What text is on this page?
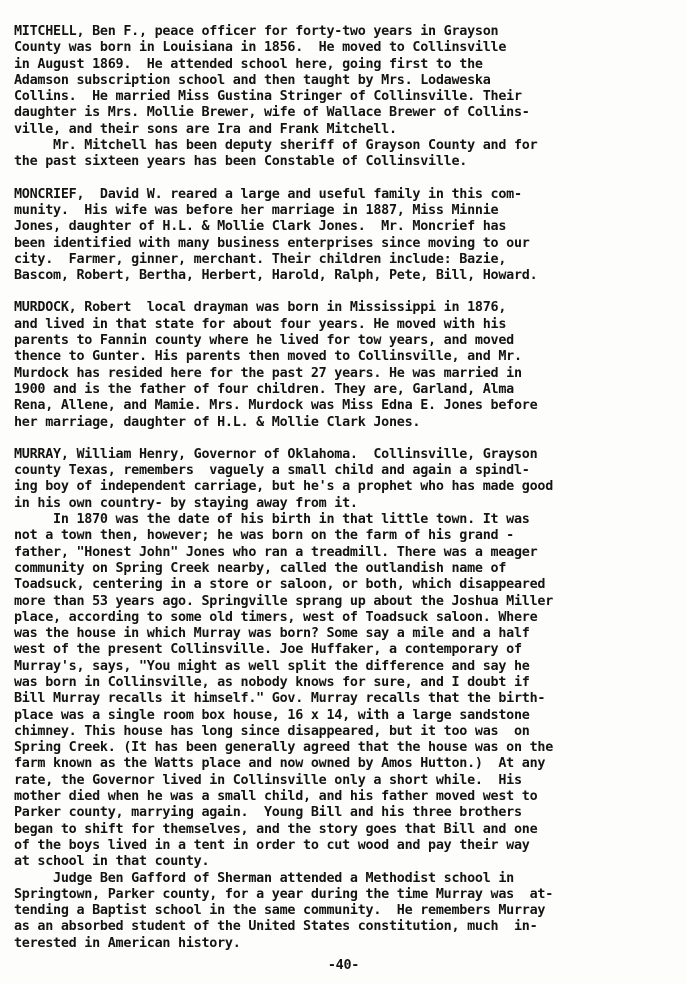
MITCHELL, Ben F., peace officer for forty-two years in Grayson
County was born in Louisiana in 1856.  He moved to Collinsville
in August 1869.  He attended school here, going first to the
Adamson subscription school and then taught by Mrs. Lodaweska
Collins.  He married Miss Gustina Stringer of Collinsville. Their
daughter is Mrs. Mollie Brewer, wife of Wallace Brewer of Collins-
ville, and their sons are Ira and Frank Mitchell.
Mr. Mitchell has been deputy sheriff of Grayson County and for
the past sixteen years has been Constable of Collinsville.
MONCRIEF,  David W. reared a large and useful family in this com-
munity.  His wife was before her marriage in 1887, Miss Minnie
Jones, daughter of H.L. & Mollie Clark Jones.  Mr. Moncrief has
been identified with many business enterprises since moving to our
city.  Farmer, ginner, merchant. Their children include: Bazie,
Bascom, Robert, Bertha, Herbert, Harold, Ralph, Pete, Bill, Howard.
MURDOCK, Robert  local drayman was born in Mississippi in 1876,
and lived in that state for about four years. He moved with his
parents to Fannin county where he lived for tow years, and moved
thence to Gunter. His parents then moved to Collinsville, and Mr.
Murdock has resided here for the past 27 years. He was married in
1900 and is the father of four children. They are, Garland, Alma
Rena, Allene, and Mamie. Mrs. Murdock was Miss Edna E. Jones before
her marriage, daughter of H.L. & Mollie Clark Jones.
MURRAY, William Henry, Governor of Oklahoma.  Collinsville, Grayson
county Texas, remembers  vaguely a small child and again a spindl-
ing boy of independent carriage, but he's a prophet who has made good
in his own country- by staying away from it.
In 1870 was the date of his birth in that little town. It was
not a town then, however; he was born on the farm of his grand -
father, "Honest John" Jones who ran a treadmill. There was a meager
community on Spring Creek nearby, called the outlandish name of
Toadsuck, centering in a store or saloon, or both, which disappeared
more than 53 years ago. Springville sprang up about the Joshua Miller
place, according to some old timers, west of Toadsuck saloon. Where
was the house in which Murray was born? Some say a mile and a half
west of the present Collinsville. Joe Huffaker, a contemporary of
Murray's, says, "You might as well split the difference and say he
was born in Collinsville, as nobody knows for sure, and I doubt if
Bill Murray recalls it himself." Gov. Murray recalls that the birth-
place was a single room box house, 16 x 14, with a large sandstone
chimney. This house has long since disappeared, but it too was  on
Spring Creek. (It has been generally agreed that the house was on the
farm known as the Watts place and now owned by Amos Hutton.)  At any
rate, the Governor lived in Collinsville only a short while.  His
mother died when he was a small child, and his father moved west to
Parker county, marrying again.  Young Bill and his three brothers
began to shift for themselves, and the story goes that Bill and one
of the boys lived in a tent in order to cut wood and pay their way
at school in that county.
Judge Ben Gafford of Sherman attended a Methodist school in
Springtown, Parker county, for a year during the time Murray was  at-
tending a Baptist school in the same community.  He remembers Murray
as an absorbed student of the United States constitution, much  in-
terested in American history.
-40-
